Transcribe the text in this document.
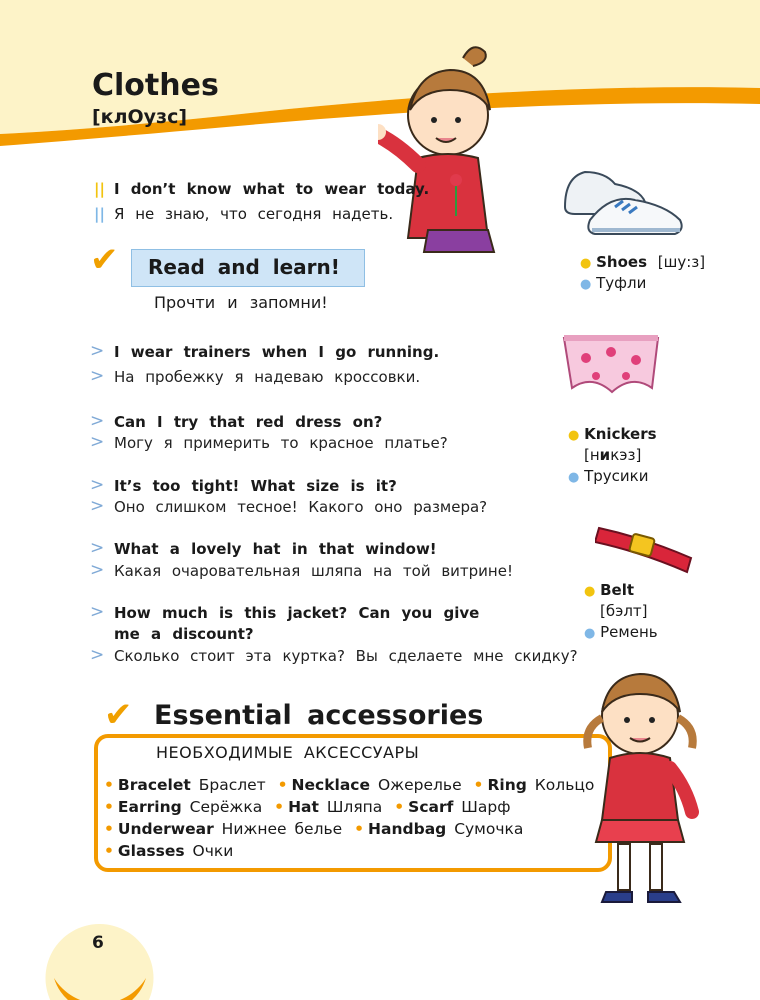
Clothes
[клОузс]
|| I don’t know what to wear today.
|| Я не знаю, что сегодня надеть.
✔ Read and learn!
Прочти и запомни!
> I wear trainers when I go running.
> На пробежку я надеваю кроссовки.
> Can I try that red dress on?
> Могу я примерить то красное платье?
> It’s too tight! What size is it?
> Оно слишком тесное! Какого оно размера?
> What a lovely hat in that window!
> Какая очаровательная шляпа на той витрине!
> How much is this jacket? Can you give
me a discount?
> Сколько стоит эта куртка? Вы сделаете мне скидку?
● Shoes [шу:з]
● Туфли
● Knickers
[никэз]
● Трусики
● Belt
[бэлт]
● Ремень
✔ Essential accessories
НЕОБХОДИМЫЕ АКСЕССУАРЫ
• Bracelet Браслет • Necklace Ожерелье • Ring Кольцо
• Earring Серёжка • Hat Шляпа • Scarf Шарф
• Underwear Нижнее белье • Handbag Сумочка
• Glasses Очки
6
